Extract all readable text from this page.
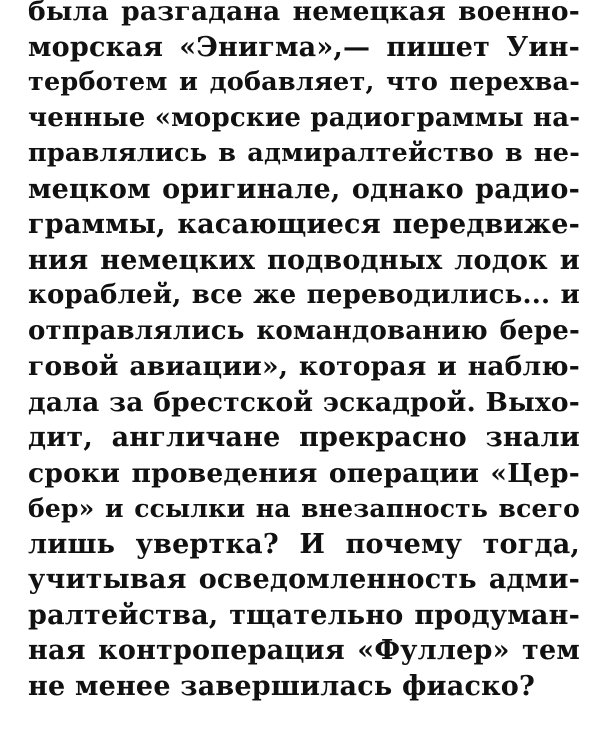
была разгадана немецкая военно-
морская «Энигма»,— пишет Уин-
терботем и добавляет, что перехва-
ченные «морские радиограммы на-
правлялись в адмиралтейство в не-
мецком оригинале, однако радио-
граммы, касающиеся передвиже-
ния немецких подводных лодок и
кораблей, все же переводились... и
отправлялись командованию бере-
говой авиации», которая и наблю-
дала за брестской эскадрой. Выхо-
дит, англичане прекрасно знали
сроки проведения операции «Цер-
бер» и ссылки на внезапность всего
лишь увертка? И почему тогда,
учитывая осведомленность адми-
ралтейства, тщательно продуман-
ная контроперация «Фуллер» тем
не менее завершилась фиаско?
